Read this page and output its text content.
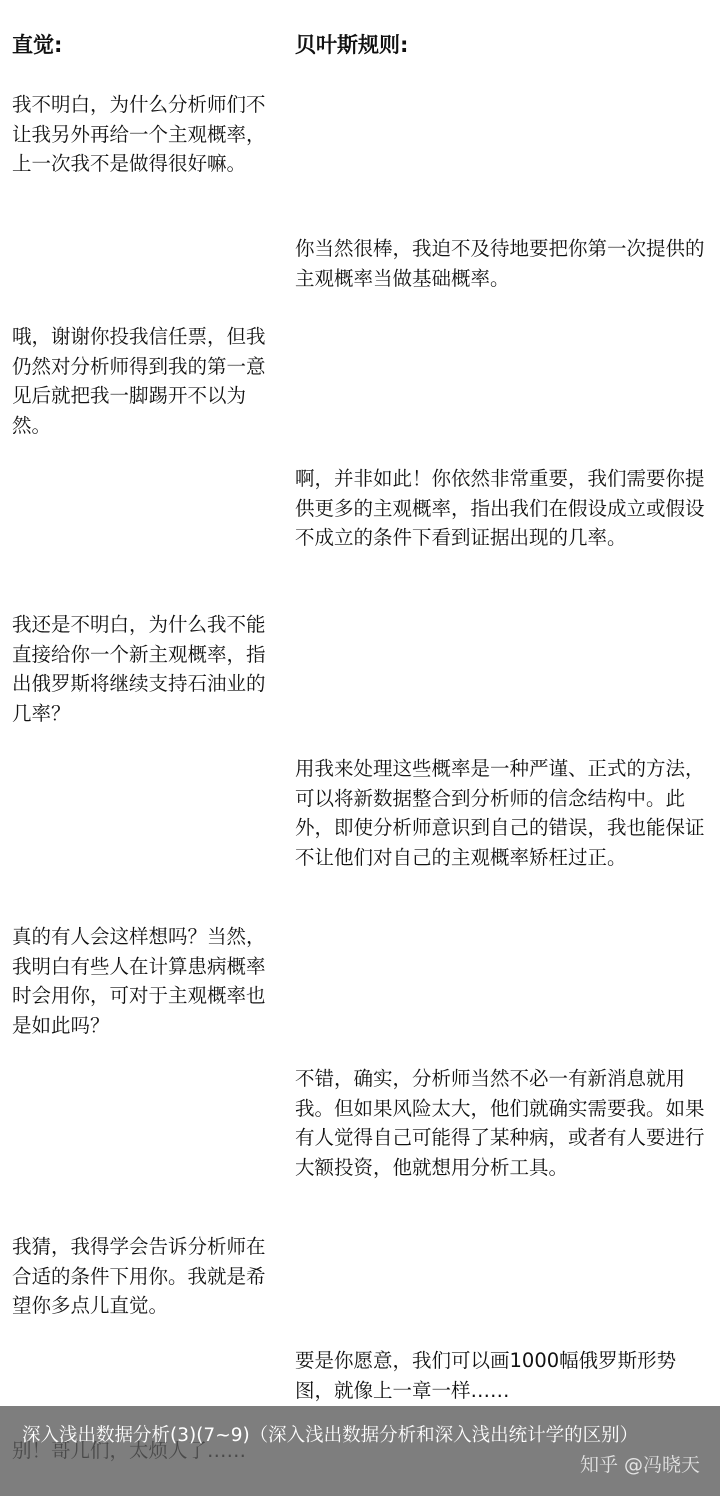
直觉:	贝叶斯规则:

我不明白，为什么分析师们不让我另外再给一个主观概率，上一次我不是做得很好嘛。

你当然很棒，我迫不及待地要把你第一次提供的主观概率当做基础概率。

哦，谢谢你投我信任票，但我仍然对分析师得到我的第一意见后就把我一脚踢开不以为然。

啊，并非如此！你依然非常重要，我们需要你提供更多的主观概率，指出我们在假设成立或假设不成立的条件下看到证据出现的几率。

我还是不明白，为什么我不能直接给你一个新主观概率，指出俄罗斯将继续支持石油业的几率？

用我来处理这些概率是一种严谨、正式的方法，可以将新数据整合到分析师的信念结构中。此外，即使分析师意识到自己的错误，我也能保证不让他们对自己的主观概率矫枉过正。

真的有人会这样想吗？当然，我明白有些人在计算患病概率时会用你，可对于主观概率也是如此吗？

不错，确实，分析师当然不必一有新消息就用我。但如果风险太大，他们就确实需要我。如果有人觉得自己可能得了某种病，或者有人要进行大额投资，他就想用分析工具。

我猜，我得学会告诉分析师在合适的条件下用你。我就是希望你多点儿直觉。

要是你愿意，我们可以画1000幅俄罗斯形势图，就像上一章一样……

深入浅出数据分析(3)(7~9)（深入浅出数据分析和深入浅出统计学的区别）
知乎 @冯晓天
